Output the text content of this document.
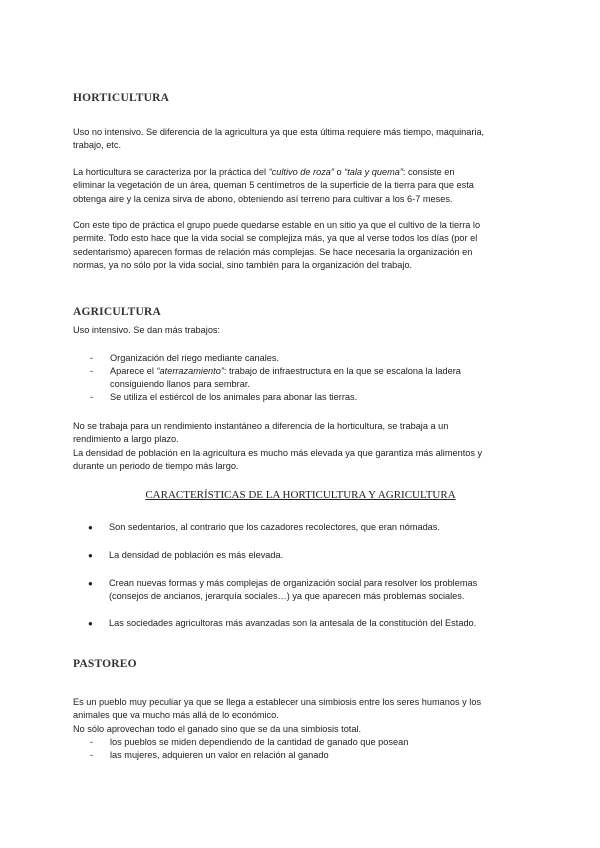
HORTICULTURA
Uso no intensivo. Se diferencia de la agricultura ya que esta última requiere más tiempo, maquinaria,
trabajo, etc.
La horticultura se caracteriza por la práctica del “cultivo de roza” o “tala y quema”: consiste en
eliminar la vegetación de un área, queman 5 centímetros de la superficie de la tierra para que esta
obtenga aire y la ceniza sirva de abono, obteniendo así terreno para cultivar a los 6-7 meses.
Con este tipo de práctica el grupo puede quedarse estable en un sitio ya que el cultivo de la tierra lo
permite. Todo esto hace que la vida social se complejiza más, ya que al verse todos los días (por el
sedentarismo) aparecen formas de relación más complejas. Se hace necesaria la organización en
normas, ya no sólo por la vida social, sino también para la organización del trabajo.
AGRICULTURA
Uso intensivo. Se dan más trabajos:
- Organización del riego mediante canales.
- Aparece el “aterrazamiento”: trabajo de infraestructura en la que se escalona la ladera
consiguiendo llanos para sembrar.
- Se utiliza el estiércol de los animales para abonar las tierras.
No se trabaja para un rendimiento instantáneo a diferencia de la horticultura, se trabaja a un
rendimiento a largo plazo.
La densidad de población en la agricultura es mucho más elevada ya que garantiza más alimentos y
durante un periodo de tiempo más largo.
CARACTERÍSTICAS DE LA HORTICULTURA Y AGRICULTURA
● Son sedentarios, al contrario que los cazadores recolectores, que eran nómadas.
● La densidad de población es más elevada.
● Crean nuevas formas y más complejas de organización social para resolver los problemas
(consejos de ancianos, jerarquía sociales…) ya que aparecen más problemas sociales.
● Las sociedades agricultoras más avanzadas son la antesala de la constitución del Estado.
PASTOREO
Es un pueblo muy peculiar ya que se llega a establecer una simbiosis entre los seres humanos y los
animales que va mucho más allá de lo económico.
No sólo aprovechan todo el ganado sino que se da una simbiosis total.
- los pueblos se miden dependiendo de la cantidad de ganado que posean
- las mujeres, adquieren un valor en relación al ganado
